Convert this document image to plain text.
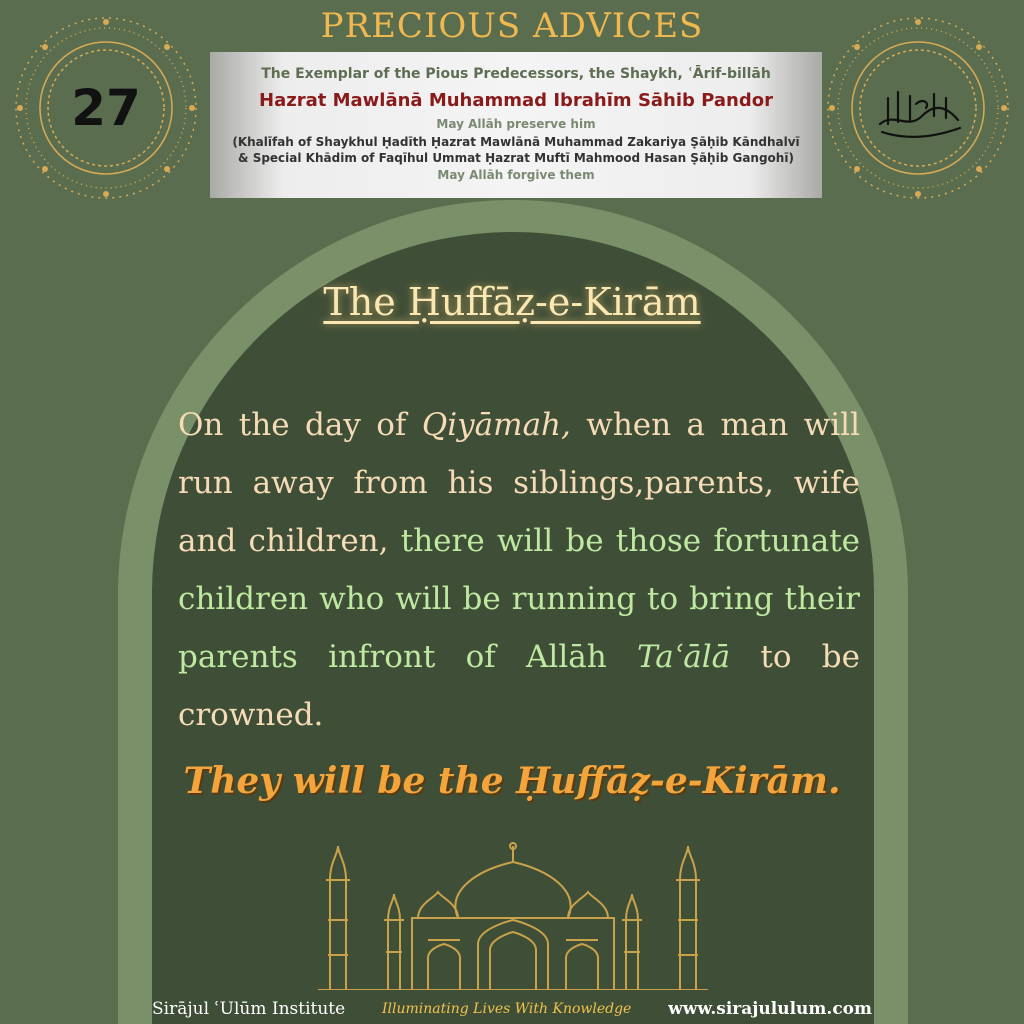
PRECIOUS ADVICES
27
The Exemplar of the Pious Predecessors, the Shaykh, ʿĀrif-billāh
Hazrat Mawlānā Muhammad Ibrahīm Sāhib Pandor
May Allāh preserve him
(Khalīfah of Shaykhul Ḥadīth Ḥazrat Mawlānā Muhammad Zakariya Ṣāḥib Kāndhalvī
& Special Khādim of Faqīhul Ummat Ḥazrat Muftī Mahmood Hasan Ṣāḥib Gangohī)
May Allāh forgive them
The Ḥuffāẓ-e-Kirām
On the day of Qiyāmah, when a man will run away from his siblings,parents, wife and children, there will be those fortunate children who will be running to bring their parents infront of Allāh Taʿālā to be crowned.
They will be the Ḥuffāẓ-e-Kirām.
Sirājul ʿUlūm Institute	Illuminating Lives With Knowledge www.sirajululum.com
